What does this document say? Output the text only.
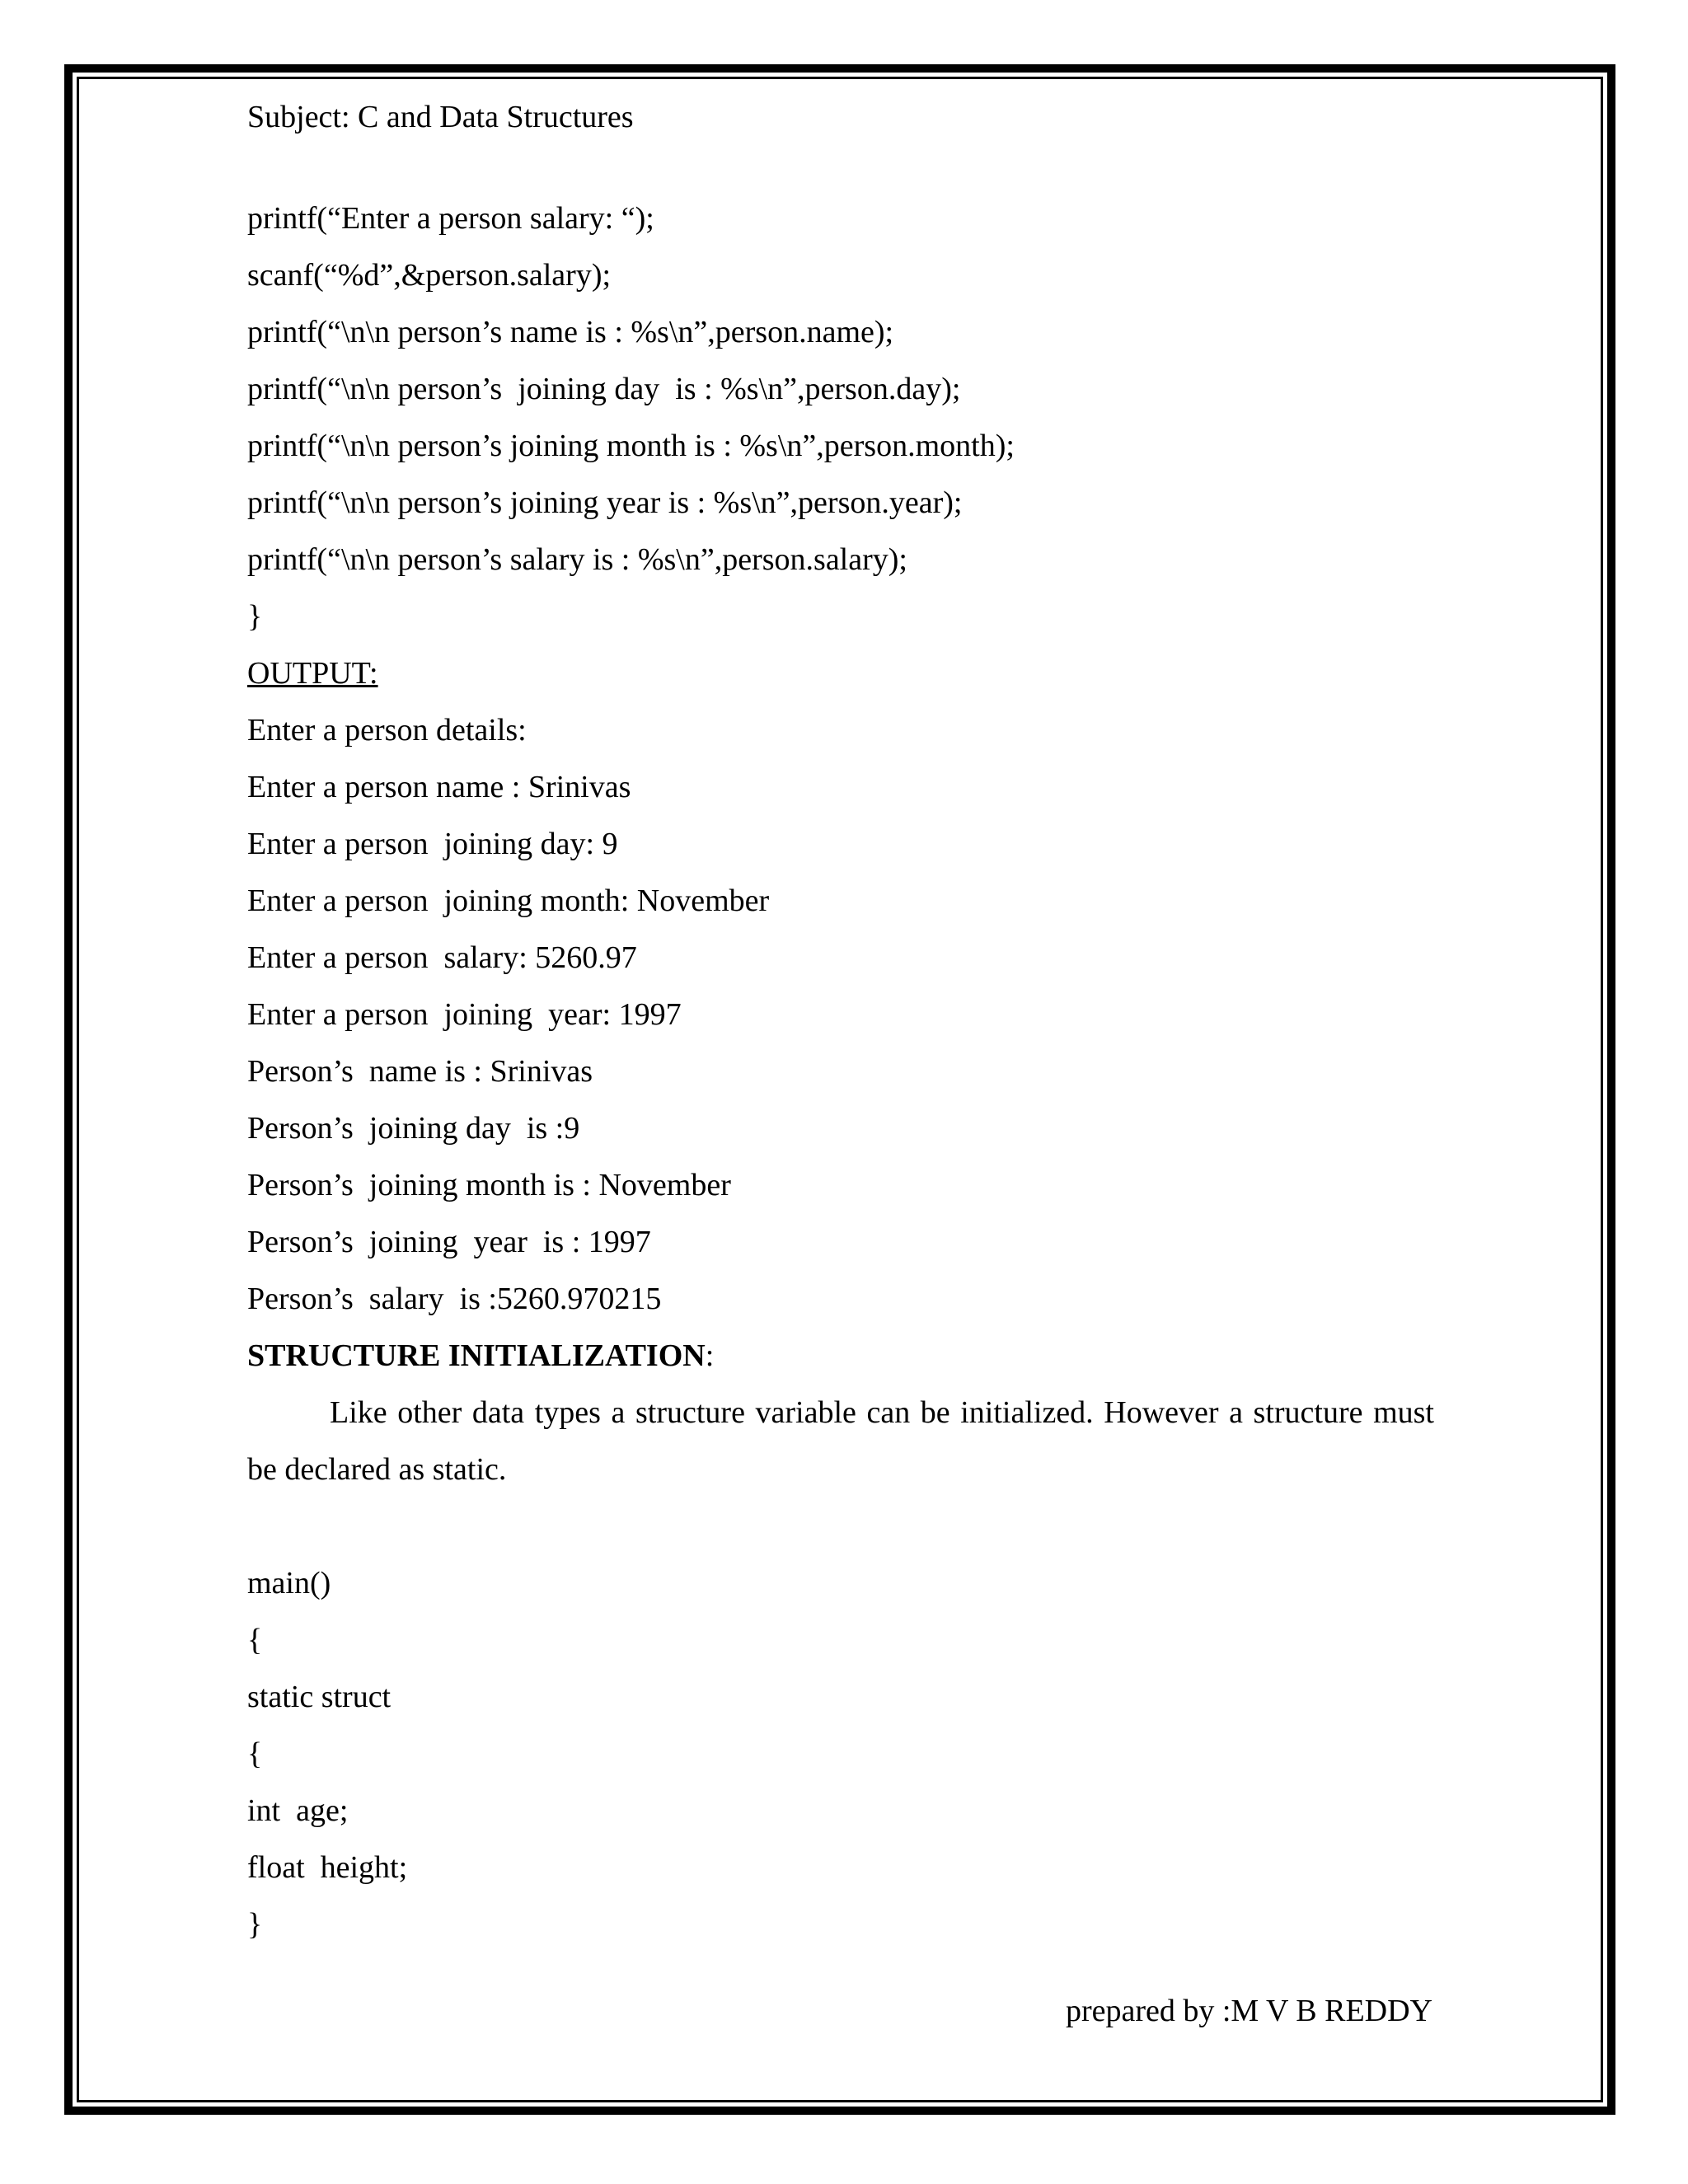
Subject: C and Data Structures
printf(“Enter a person salary: “);
scanf(“%d”,&person.salary);
printf(“\n\n person’s name is : %s\n”,person.name);
printf(“\n\n person’s  joining day  is : %s\n”,person.day);
printf(“\n\n person’s joining month is : %s\n”,person.month);
printf(“\n\n person’s joining year is : %s\n”,person.year);
printf(“\n\n person’s salary is : %s\n”,person.salary);
}
OUTPUT:
Enter a person details:
Enter a person name : Srinivas
Enter a person  joining day: 9
Enter a person  joining month: November
Enter a person  salary: 5260.97
Enter a person  joining  year: 1997
Person’s  name is : Srinivas
Person’s  joining day  is :9
Person’s  joining month is : November
Person’s  joining  year  is : 1997
Person’s  salary  is :5260.970215
STRUCTURE INITIALIZATION:
Like other data types a structure variable can be initialized. However a structure must be declared as static.
main()
{
static struct
{
int  age;
float  height;
}
prepared by :M V B REDDY
